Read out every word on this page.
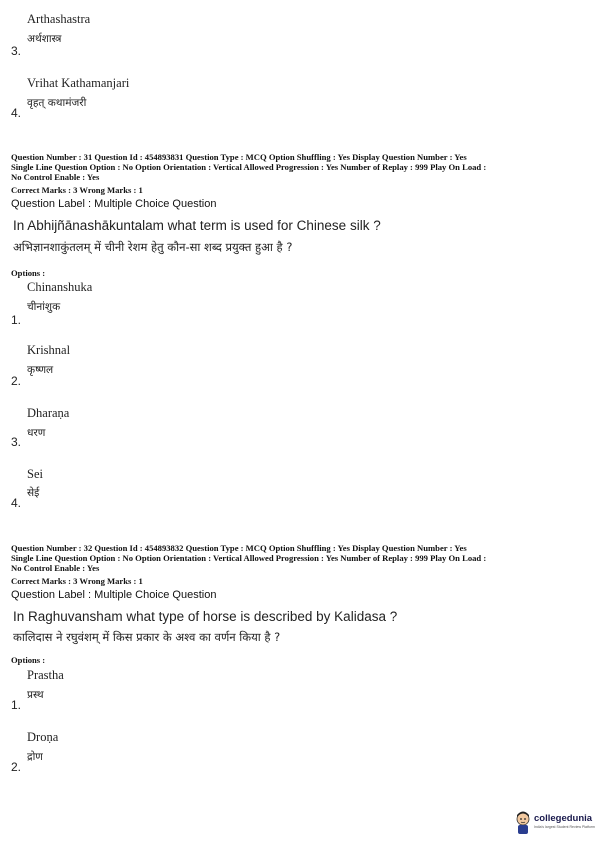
Arthashastra
अर्थशास्त्र
3.
Vrihat Kathamanjari
वृहत् कथामंजरी
4.
Question Number : 31 Question Id : 454893831 Question Type : MCQ Option Shuffling : Yes Display Question Number : Yes
Single Line Question Option : No Option Orientation : Vertical Allowed Progression : Yes Number of Replay : 999 Play On Load :
No Control Enable : Yes
Correct Marks : 3 Wrong Marks : 1
Question Label : Multiple Choice Question
In Abhijñānashākuntalam what term is used for Chinese silk ?
अभिज्ञानशाकुंतलम् में चीनी रेशम हेतु कौन-सा शब्द प्रयुक्त हुआ है ?
Options :
Chinanshuka
चीनांशुक
1.
Krishnal
कृष्णल
2.
Dharaṇa
धरण
3.
Sei
सेई
4.
Question Number : 32 Question Id : 454893832 Question Type : MCQ Option Shuffling : Yes Display Question Number : Yes
Single Line Question Option : No Option Orientation : Vertical Allowed Progression : Yes Number of Replay : 999 Play On Load :
No Control Enable : Yes
Correct Marks : 3 Wrong Marks : 1
Question Label : Multiple Choice Question
In Raghuvansham what type of horse is described by Kalidasa ?
कालिदास ने रघुवंशम् में किस प्रकार के अश्व का वर्णन किया है ?
Options :
Prastha
प्रस्थ
1.
Droṇa
द्रोण
2.
collegedunia
India's largest Student Review Platform
